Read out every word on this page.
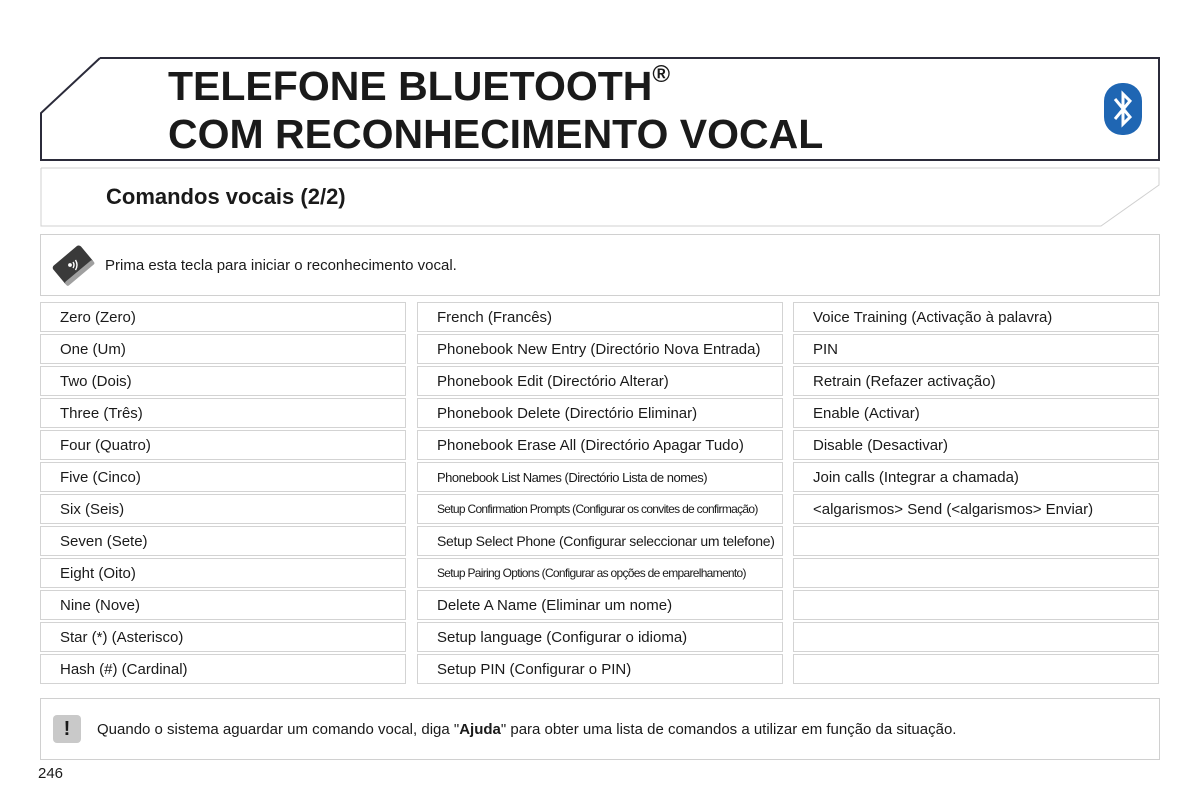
TELEFONE BLUETOOTH®
COM RECONHECIMENTO VOCAL
Comandos vocais (2/2)
Prima esta tecla para iniciar o reconhecimento vocal.
Zero (Zero)
One (Um)
Two (Dois)
Three (Três)
Four (Quatro)
Five (Cinco)
Six (Seis)
Seven (Sete)
Eight (Oito)
Nine (Nove)
Star (*) (Asterisco)
Hash (#) (Cardinal)
French (Francês)
Phonebook New Entry (Directório Nova Entrada)
Phonebook Edit (Directório Alterar)
Phonebook Delete (Directório Eliminar)
Phonebook Erase All (Directório Apagar Tudo)
Phonebook List Names (Directório Lista de nomes)
Setup Confirmation Prompts (Configurar os convites de confirmação)
Setup Select Phone (Configurar seleccionar um telefone)
Setup Pairing Options (Configurar as opções de emparelhamento)
Delete A Name (Eliminar um nome)
Setup language (Configurar o idioma)
Setup PIN (Configurar o PIN)
Voice Training (Activação à palavra)
PIN
Retrain (Refazer activação)
Enable (Activar)
Disable (Desactivar)
Join calls (Integrar a chamada)
<algarismos> Send (<algarismos> Enviar)
!	Quando o sistema aguardar um comando vocal, diga "Ajuda" para obter uma lista de comandos a utilizar em função da situação.
246
